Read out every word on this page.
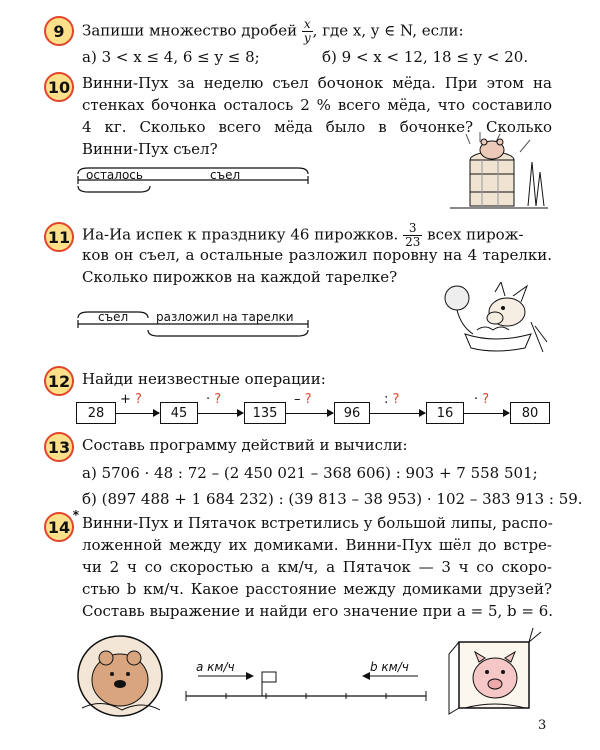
9 Запиши множество дробей $\frac{x}{y}$ , где x, y ∈ N, если:
а) 3 < x ≤ 4, 6 ≤ y ≤ 8;	б) 9 < x < 12, 18 ≤ y < 20.
10 Винни-Пух за неделю съел бочонок мёда. При этом на
стенках бочонка осталось 2 % всего мёда, что составило
4 кг. Сколько всего мёда было в бочонке? Сколько
Винни-Пух съел?
осталось	съел
11 Иа-Иа испек к празднику 46 пирожков. $\frac{3}{23}$ всех пирож-
ков он съел, а остальные разложил поровну на 4 тарелки.
Сколько пирожков на каждой тарелке?
съел разложил на тарелки
12 Найди неизвестные операции:
28	45	135	96	16	80
+ ?	· ?	– ?	: ?	· ?
13 Составь программу действий и вычисли:
а) 5706 · 48 : 72 – (2 450 021 – 368 606) : 903 + 7 558 501;
б) (897 488 + 1 684 232) : (39 813 – 38 953) · 102 – 383 913 : 59.
14
* Винни-Пух и Пятачок встретились у большой липы, распо-
ложенной между их домиками. Винни-Пух шёл до встре-
чи 2 ч со скоростью a км/ч, а Пятачок — 3 ч со скоро-
стью b км/ч. Какое расстояние между домиками друзей?
Составь выражение и найди его значение при a = 5, b = 6.
a км/ч	b км/ч
3
